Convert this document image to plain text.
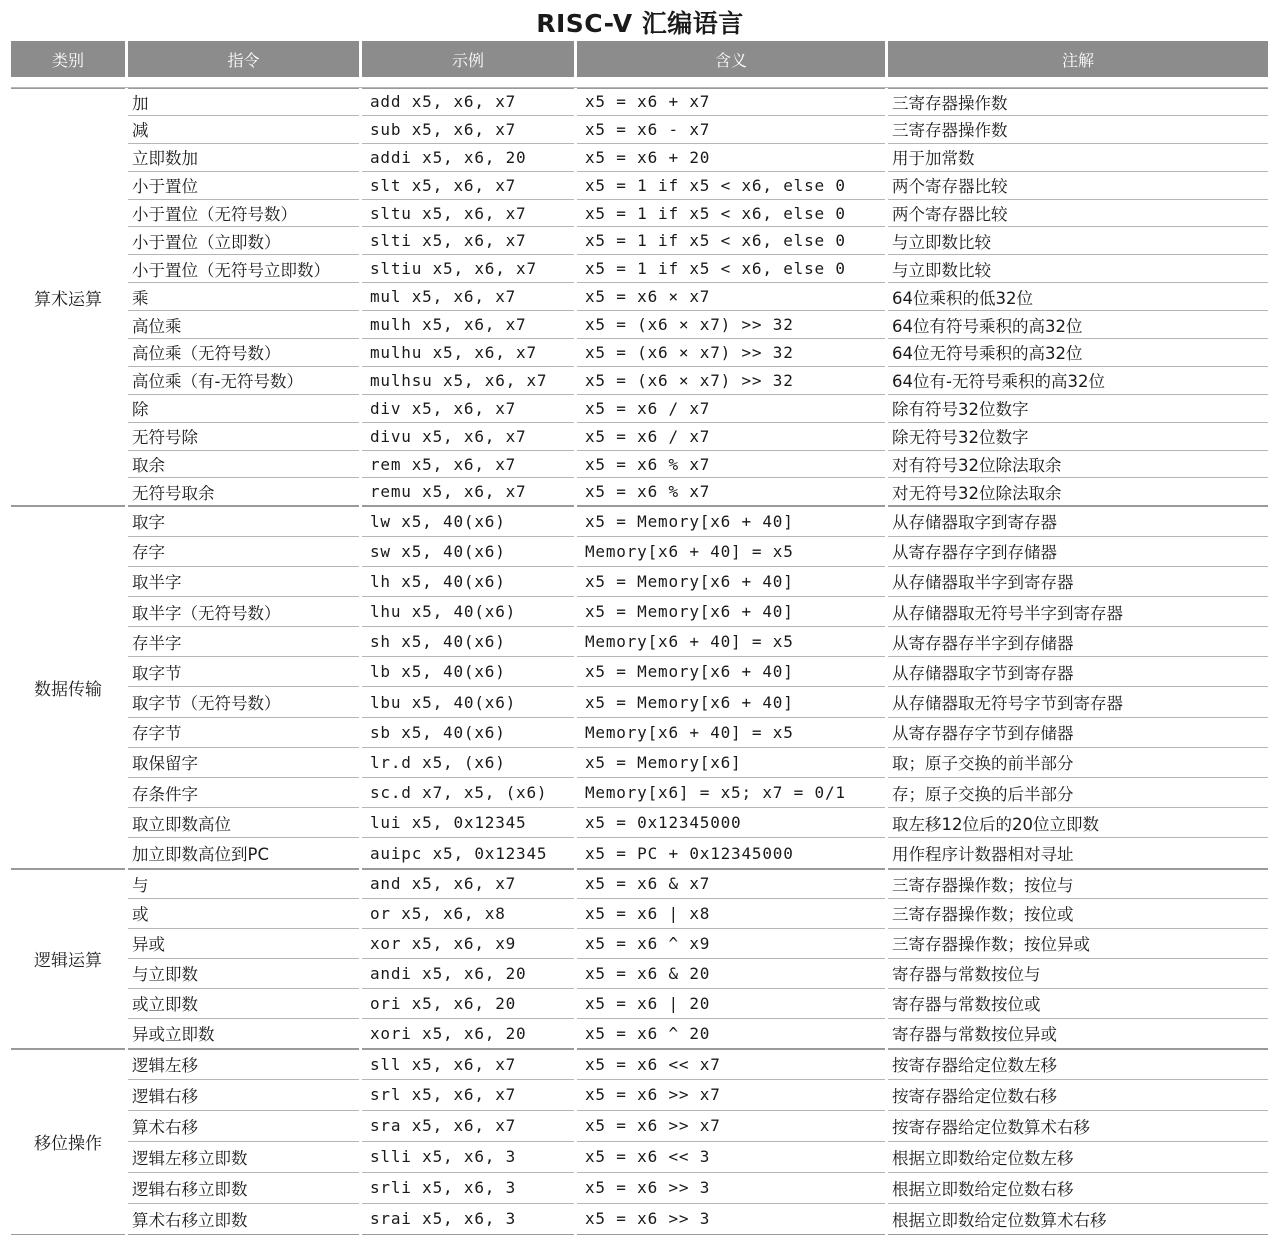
RISC-V 汇编语言
类别	指令	示例	含义	注解

算术运算	加	add x5, x6, x7	x5 = x6 + x7	三寄存器操作数
	减	sub x5, x6, x7	x5 = x6 - x7	三寄存器操作数
	立即数加	addi x5, x6, 20	x5 = x6 + 20	用于加常数
	小于置位	slt x5, x6, x7	x5 = 1 if x5 < x6, else 0	两个寄存器比较
	小于置位（无符号数）	sltu x5, x6, x7	x5 = 1 if x5 < x6, else 0	两个寄存器比较
	小于置位（立即数）	slti x5, x6, x7	x5 = 1 if x5 < x6, else 0	与立即数比较
	小于置位（无符号立即数）	sltiu x5, x6, x7	x5 = 1 if x5 < x6, else 0	与立即数比较
	乘	mul x5, x6, x7	x5 = x6 × x7	64位乘积的低32位
	高位乘	mulh x5, x6, x7	x5 = (x6 × x7) >> 32	64位有符号乘积的高32位
	高位乘（无符号数）	mulhu x5, x6, x7	x5 = (x6 × x7) >> 32	64位无符号乘积的高32位
	高位乘（有-无符号数）	mulhsu x5, x6, x7	x5 = (x6 × x7) >> 32	64位有-无符号乘积的高32位
	除	div x5, x6, x7	x5 = x6 / x7	除有符号32位数字
	无符号除	divu x5, x6, x7	x5 = x6 / x7	除无符号32位数字
	取余	rem x5, x6, x7	x5 = x6 % x7	对有符号32位除法取余
	无符号取余	remu x5, x6, x7	x5 = x6 % x7	对无符号32位除法取余
数据传输	取字	lw x5, 40(x6)	x5 = Memory[x6 + 40]	从存储器取字到寄存器
	存字	sw x5, 40(x6)	Memory[x6 + 40] = x5	从寄存器存字到存储器
	取半字	lh x5, 40(x6)	x5 = Memory[x6 + 40]	从存储器取半字到寄存器
	取半字（无符号数）	lhu x5, 40(x6)	x5 = Memory[x6 + 40]	从存储器取无符号半字到寄存器
	存半字	sh x5, 40(x6)	Memory[x6 + 40] = x5	从寄存器存半字到存储器
	取字节	lb x5, 40(x6)	x5 = Memory[x6 + 40]	从存储器取字节到寄存器
	取字节（无符号数）	lbu x5, 40(x6)	x5 = Memory[x6 + 40]	从存储器取无符号字节到寄存器
	存字节	sb x5, 40(x6)	Memory[x6 + 40] = x5	从寄存器存字节到存储器
	取保留字	lr.d x5, (x6)	x5 = Memory[x6]	取；原子交换的前半部分
	存条件字	sc.d x7, x5, (x6)	Memory[x6] = x5; x7 = 0/1	存；原子交换的后半部分
	取立即数高位	lui x5, 0x12345	x5 = 0x12345000	取左移12位后的20位立即数
	加立即数高位到PC	auipc x5, 0x12345	x5 = PC + 0x12345000	用作程序计数器相对寻址
逻辑运算	与	and x5, x6, x7	x5 = x6 & x7	三寄存器操作数；按位与
	或	or x5, x6, x8	x5 = x6 | x8	三寄存器操作数；按位或
	异或	xor x5, x6, x9	x5 = x6 ^ x9	三寄存器操作数；按位异或
	与立即数	andi x5, x6, 20	x5 = x6 & 20	寄存器与常数按位与
	或立即数	ori x5, x6, 20	x5 = x6 | 20	寄存器与常数按位或
	异或立即数	xori x5, x6, 20	x5 = x6 ^ 20	寄存器与常数按位异或
移位操作	逻辑左移	sll x5, x6, x7	x5 = x6 << x7	按寄存器给定位数左移
	逻辑右移	srl x5, x6, x7	x5 = x6 >> x7	按寄存器给定位数右移
	算术右移	sra x5, x6, x7	x5 = x6 >> x7	按寄存器给定位数算术右移
	逻辑左移立即数	slli x5, x6, 3	x5 = x6 << 3	根据立即数给定位数左移
	逻辑右移立即数	srli x5, x6, 3	x5 = x6 >> 3	根据立即数给定位数右移
	算术右移立即数	srai x5, x6, 3	x5 = x6 >> 3	根据立即数给定位数算术右移
